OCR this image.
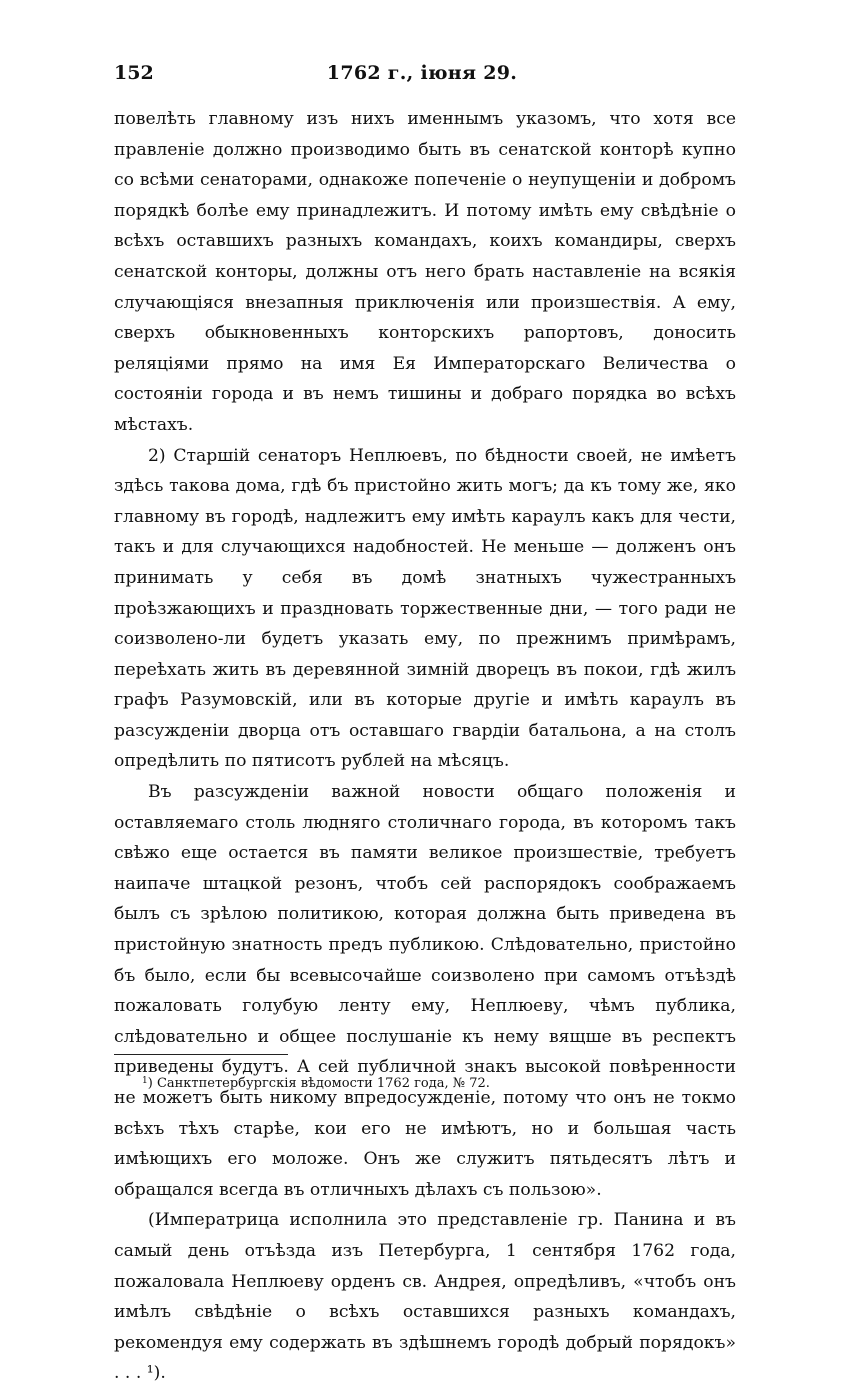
152	1762 г., iюня 29.

повелѣть главному изъ нихъ именнымъ указомъ, что хотя все правленiе должно производимо быть въ сенатской конторѣ купно со всѣми сенаторами, однакоже попеченiе о неупущенiи и добромъ порядкѣ болѣе ему принадлежитъ. И потому имѣть ему свѣдѣнiе о всѣхъ оставшихъ разныхъ командахъ, коихъ командиры, сверхъ сенатской конторы, должны отъ него брать наставленiе на всякiя случающiяся внезапныя приключенiя или произшествiя. А ему, сверхъ обыкновенныхъ конторскихъ рапортовъ, доносить реляцiями прямо на имя Ея Императорскаго Величества о состоянiи города и въ немъ тишины и добраго порядка во всѣхъ мѣстахъ.

2) Старшiй сенаторъ Неплюевъ, по бѣдности своей, не имѣетъ здѣсь такова дома, гдѣ бъ пристойно жить могъ; да къ тому же, яко главному въ городѣ, надлежитъ ему имѣть караулъ какъ для чести, такъ и для случающихся надобностей. Не меньше — долженъ онъ принимать у себя въ домѣ знатныхъ чужестранныхъ проѣзжающихъ и праздновать торжественные дни, — того ради не соизволено-ли будетъ указать ему, по прежнимъ примѣрамъ, переѣхать жить въ деревянной зимнiй дворецъ въ покои, гдѣ жилъ графъ Разумовскiй, или въ которые другiе и имѣть караулъ въ разсужденiи дворца отъ оставшаго гвардiи батальона, а на столъ опредѣлить по пятисотъ рублей на мѣсяцъ.

Въ разсужденiи важной новости общаго положенiя и оставляемаго столь людняго столичнаго города, въ которомъ такъ свѣжо еще остается въ памяти великое произшествiе, требуетъ наипаче штацкой резонъ, чтобъ сей распорядокъ соображаемъ былъ съ зрѣлою политикою, которая должна быть приведена въ пристойную знатность предъ публикою. Слѣдовательно, пристойно бъ было, если бы всевысочайше соизволено при самомъ отъѣздѣ пожаловать голубую ленту ему, Неплюеву, чѣмъ публика, слѣдовательно и общее послушанiе къ нему вящше въ респектъ приведены будутъ. А сей публичной знакъ высокой повѣренности не можетъ быть никому впредосужденiе, потому что онъ не токмо всѣхъ тѣхъ старѣе, кои его не имѣютъ, но и большая часть имѣющихъ его моложе. Онъ же служитъ пятьдесятъ лѣтъ и обращался всегда въ отличныхъ дѣлахъ съ пользою».

(Императрица исполнила это представленiе гр. Панина и въ самый день отъѣзда изъ Петербурга, 1 сентября 1762 года, пожаловала Неплюеву орденъ св. Андрея, опредѣливъ, «чтобъ онъ имѣлъ свѣдѣнiе о всѣхъ оставшихся разныхъ командахъ, рекомендуя ему содержать въ здѣшнемъ городѣ добрый порядокъ» . . . ¹).

$^1$) Санктпетербургскiя вѣдомости 1762 года, № 72.
